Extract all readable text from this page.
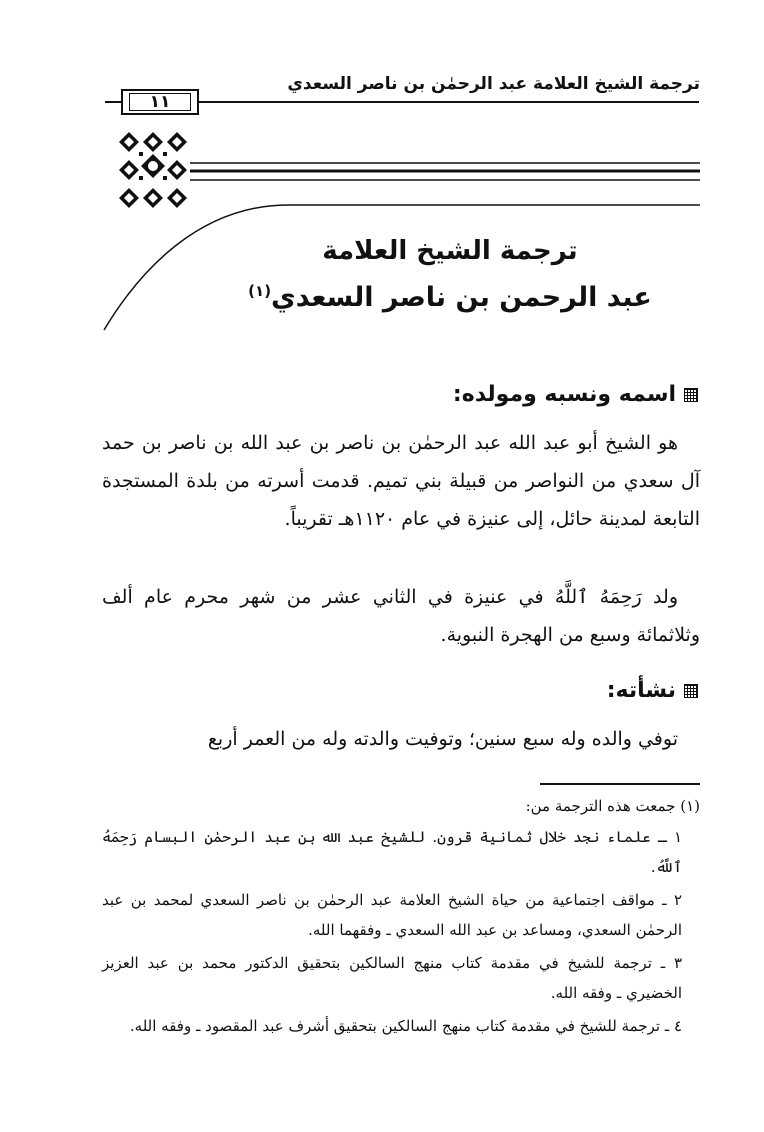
ترجمة الشيخ العلامة عبد الرحمٰن بن ناصر السعدي
١١
ترجمة الشيخ العلامة
عبد الرحمن بن ناصر السعدي$^{(١)}$
اسمه ونسبه ومولده:
هو الشيخ أبو عبد الله عبد الرحمٰن بن ناصر بن عبد الله بن ناصر بن حمد آل سعدي من النواصر من قبيلة بني تميم. قدمت أسرته من بلدة المستجدة التابعة لمدينة حائل، إلى عنيزة في عام ١١٢٠هـ تقريباً.
ولد رَحِمَهُ ٱللَّهُ في عنيزة في الثاني عشر من شهر محرم عام ألف وثلاثمائة وسبع من الهجرة النبوية.
نشأته:
توفي والده وله سبع سنين؛ وتوفيت والدته وله من العمر أربع
(١) جمعت هذه الترجمة من:
١ ـ علماء نجد خلال ثمانية قرون. للشيخ عبد الله بن عبد الرحمٰن البسام رَحِمَهُ ٱللَّهُ.
٢ ـ مواقف اجتماعية من حياة الشيخ العلامة عبد الرحمٰن بن ناصر السعدي لمحمد بن عبد الرحمٰن السعدي، ومساعد بن عبد الله السعدي ـ وفقهما الله.
٣ ـ ترجمة للشيخ في مقدمة كتاب منهج السالكين بتحقيق الدكتور محمد بن عبد العزيز الخضيري ـ وفقه الله.
٤ ـ ترجمة للشيخ في مقدمة كتاب منهج السالكين بتحقيق أشرف عبد المقصود ـ وفقه الله.
